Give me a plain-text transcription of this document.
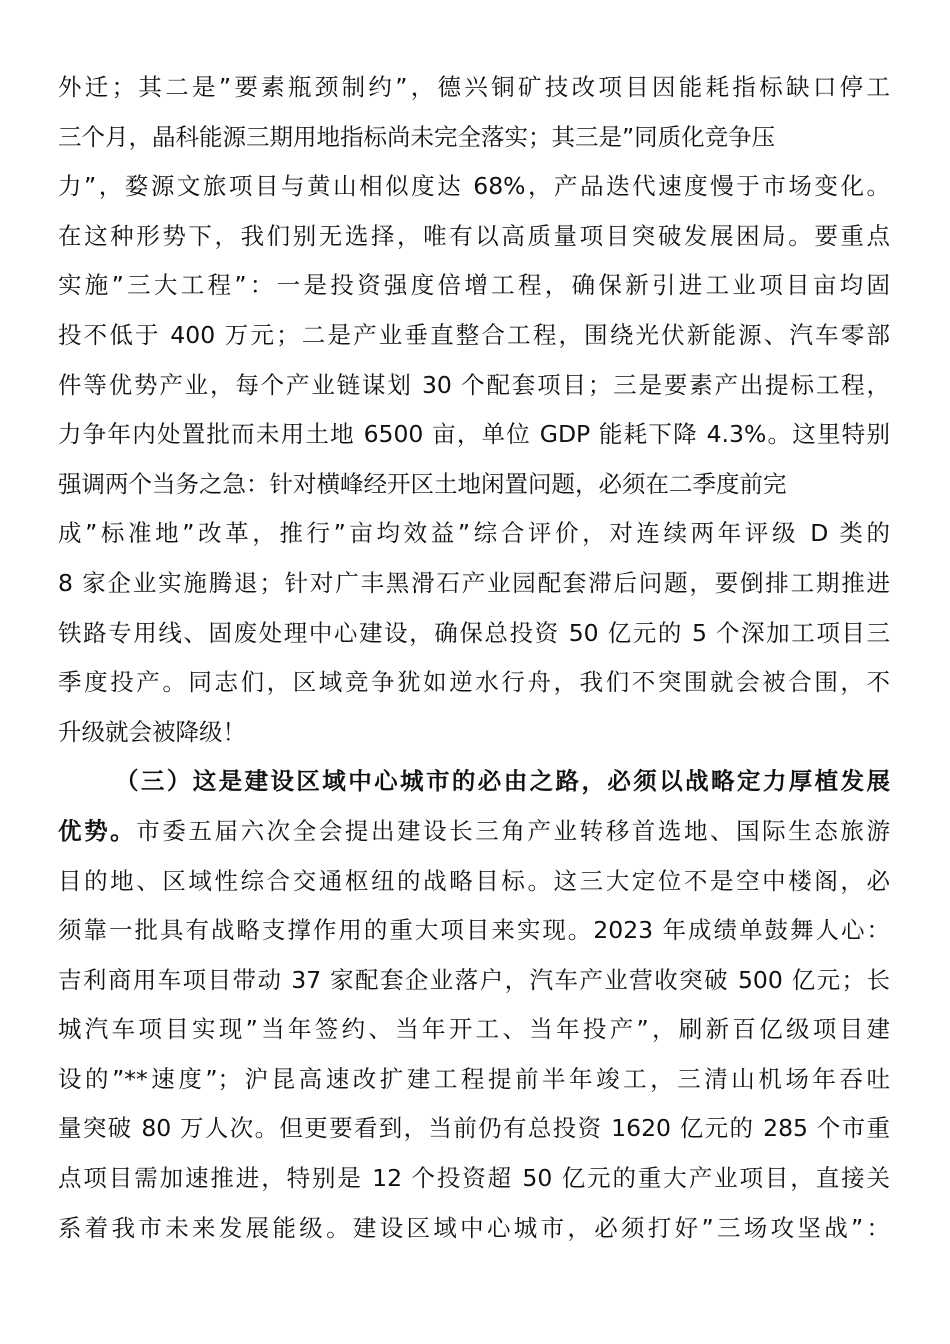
外迁；其二是”要素瓶颈制约”，德兴铜矿技改项目因能耗指标缺口停工
三个月，晶科能源三期用地指标尚未完全落实；其三是”同质化竞争压
力”，婺源文旅项目与黄山相似度达 68%，产品迭代速度慢于市场变化。
在这种形势下，我们别无选择，唯有以高质量项目突破发展困局。要重点
实施”三大工程”：一是投资强度倍增工程，确保新引进工业项目亩均固
投不低于 400 万元；二是产业垂直整合工程，围绕光伏新能源、汽车零部
件等优势产业，每个产业链谋划 30 个配套项目；三是要素产出提标工程，
力争年内处置批而未用土地 6500 亩，单位 GDP 能耗下降 4.3%。这里特别
强调两个当务之急：针对横峰经开区土地闲置问题，必须在二季度前完
成”标准地”改革，推行”亩均效益”综合评价，对连续两年评级 D 类的
8 家企业实施腾退；针对广丰黑滑石产业园配套滞后问题，要倒排工期推进
铁路专用线、固废处理中心建设，确保总投资 50 亿元的 5 个深加工项目三
季度投产。同志们，区域竞争犹如逆水行舟，我们不突围就会被合围，不
升级就会被降级！
（三）这是建设区域中心城市的必由之路，必须以战略定力厚植发展
优势。市委五届六次全会提出建设长三角产业转移首选地、国际生态旅游
目的地、区域性综合交通枢纽的战略目标。这三大定位不是空中楼阁，必
须靠一批具有战略支撑作用的重大项目来实现。2023 年成绩单鼓舞人心：
吉利商用车项目带动 37 家配套企业落户，汽车产业营收突破 500 亿元；长
城汽车项目实现”当年签约、当年开工、当年投产”，刷新百亿级项目建
设的”**速度”；沪昆高速改扩建工程提前半年竣工，三清山机场年吞吐
量突破 80 万人次。但更要看到，当前仍有总投资 1620 亿元的 285 个市重
点项目需加速推进，特别是 12 个投资超 50 亿元的重大产业项目，直接关
系着我市未来发展能级。建设区域中心城市，必须打好”三场攻坚战”：
